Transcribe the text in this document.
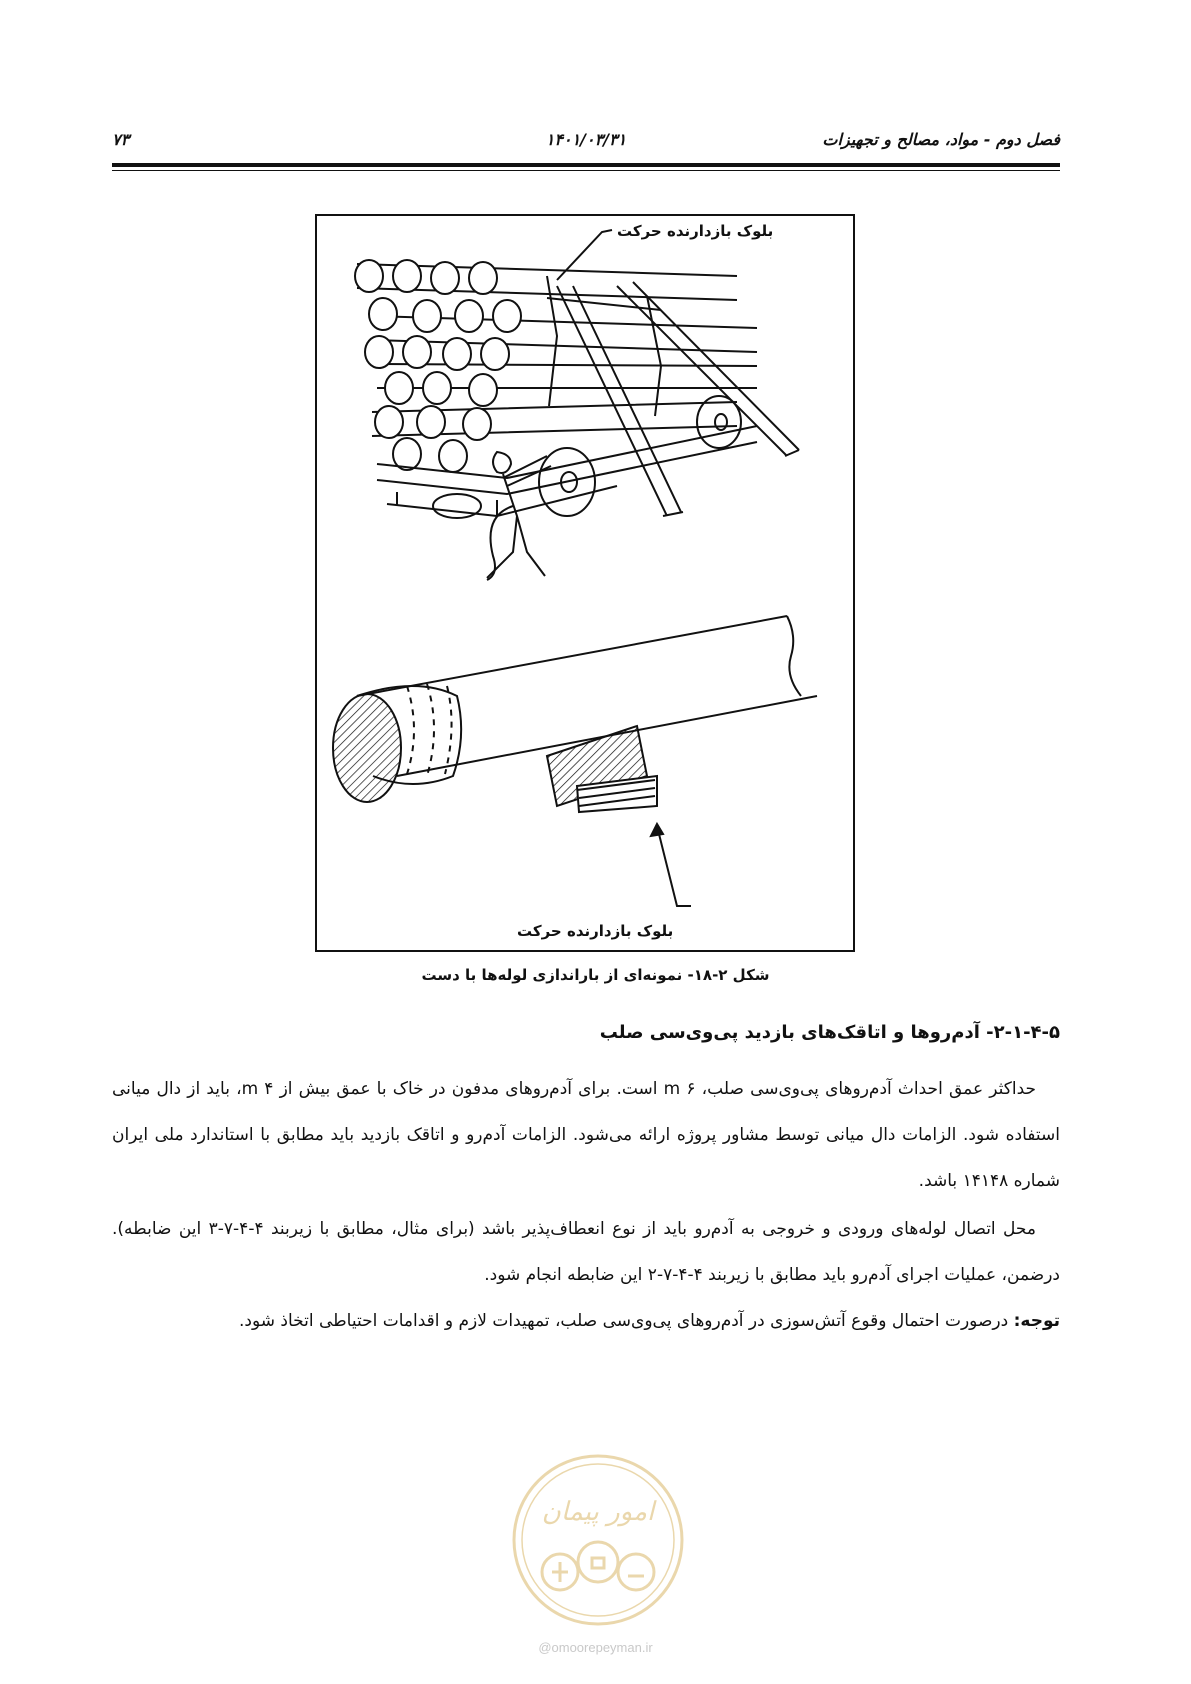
فصل دوم - مواد، مصالح و تجهیزات
۱۴۰۱/۰۳/۳۱
۷۳
بلوک بازدارنده حرکت
بلوک بازدارنده حرکت
شکل ۲-۱۸- نمونه‌ای از باراندازی لوله‌ها با دست
۲-۱-۴-۵- آدم‌روها و اتاقک‌های بازدید پی‌وی‌سی صلب
حداکثر عمق احداث آدم‌روهای پی‌وی‌سی صلب، ۶ m است. برای آدم‌روهای مدفون در خاک با عمق بیش از ۴ m، باید از دال میانی استفاده شود. الزامات دال میانی توسط مشاور پروژه ارائه می‌شود. الزامات آدم‌رو و اتاقک بازدید باید مطابق با استاندارد ملی ایران شماره ۱۴۱۴۸ باشد.
محل اتصال لوله‌های ورودی و خروجی به آدم‌رو باید از نوع انعطاف‌پذیر باشد (برای مثال، مطابق با زیربند ۴-۴-۷-۳ این ضابطه). درضمن، عملیات اجرای آدم‌رو باید مطابق با زیربند ۴-۴-۷-۲ این ضابطه انجام شود.
توجه: درصورت احتمال وقوع آتش‌سوزی در آدم‌روهای پی‌وی‌سی صلب، تمهیدات لازم و اقدامات احتیاطی اتخاذ شود.
امور پیمان
@omoorepeyman.ir
